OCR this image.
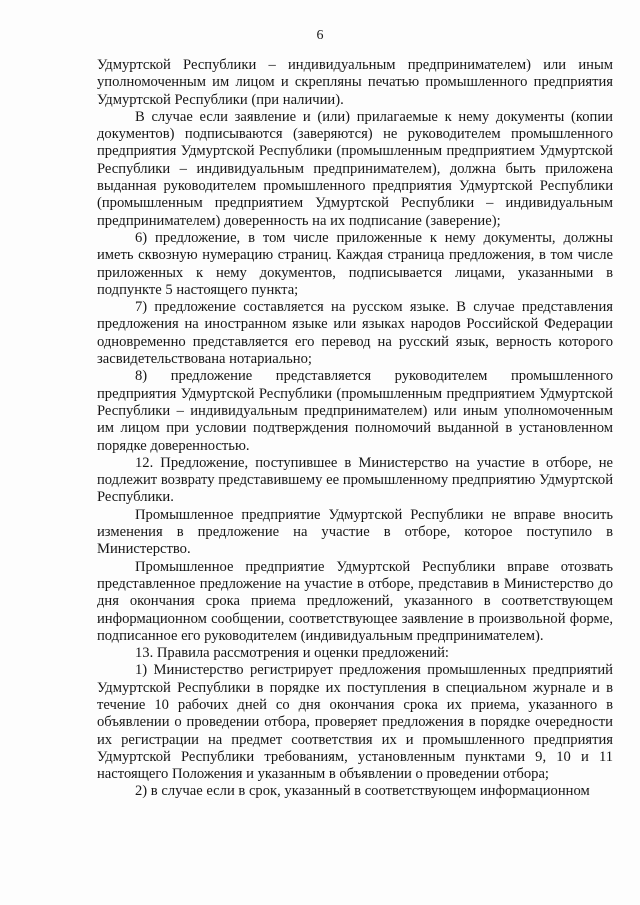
6

Удмуртской Республики – индивидуальным предпринимателем) или иным уполномоченным им лицом и скрепляны печатью промышленного предприятия Удмуртской Республики (при наличии).

В случае если заявление и (или) прилагаемые к нему документы (копии документов) подписываются (заверяются) не руководителем промышленного предприятия Удмуртской Республики (промышленным предприятием Удмуртской Республики – индивидуальным предпринимателем), должна быть приложена выданная руководителем промышленного предприятия Удмуртской Республики (промышленным предприятием Удмуртской Республики – индивидуальным предпринимателем) доверенность на их подписание (заверение);

6) предложение, в том числе приложенные к нему документы, должны иметь сквозную нумерацию страниц. Каждая страница предложения, в том числе приложенных к нему документов, подписывается лицами, указанными в подпункте 5 настоящего пункта;

7) предложение составляется на русском языке. В случае представления предложения на иностранном языке или языках народов Российской Федерации одновременно представляется его перевод на русский язык, верность которого засвидетельствована нотариально;

8) предложение представляется руководителем промышленного предприятия Удмуртской Республики (промышленным предприятием Удмуртской Республики – индивидуальным предпринимателем) или иным уполномоченным им лицом при условии подтверждения полномочий выданной в установленном порядке доверенностью.

12. Предложение, поступившее в Министерство на участие в отборе, не подлежит возврату представившему ее промышленному предприятию Удмуртской Республики.

Промышленное предприятие Удмуртской Республики не вправе вносить изменения в предложение на участие в отборе, которое поступило в Министерство.

Промышленное предприятие Удмуртской Республики вправе отозвать представленное предложение на участие в отборе, представив в Министерство до дня окончания срока приема предложений, указанного в соответствующем информационном сообщении, соответствующее заявление в произвольной форме, подписанное его руководителем (индивидуальным предпринимателем).

13. Правила рассмотрения и оценки предложений:

1) Министерство регистрирует предложения промышленных предприятий Удмуртской Республики в порядке их поступления в специальном журнале и в течение 10 рабочих дней со дня окончания срока их приема, указанного в объявлении о проведении отбора, проверяет предложения в порядке очередности их регистрации на предмет соответствия их и промышленного предприятия Удмуртской Республики требованиям, установленным пунктами 9, 10 и 11 настоящего Положения и указанным в объявлении о проведении отбора;

2) в случае если в срок, указанный в соответствующем информационном
